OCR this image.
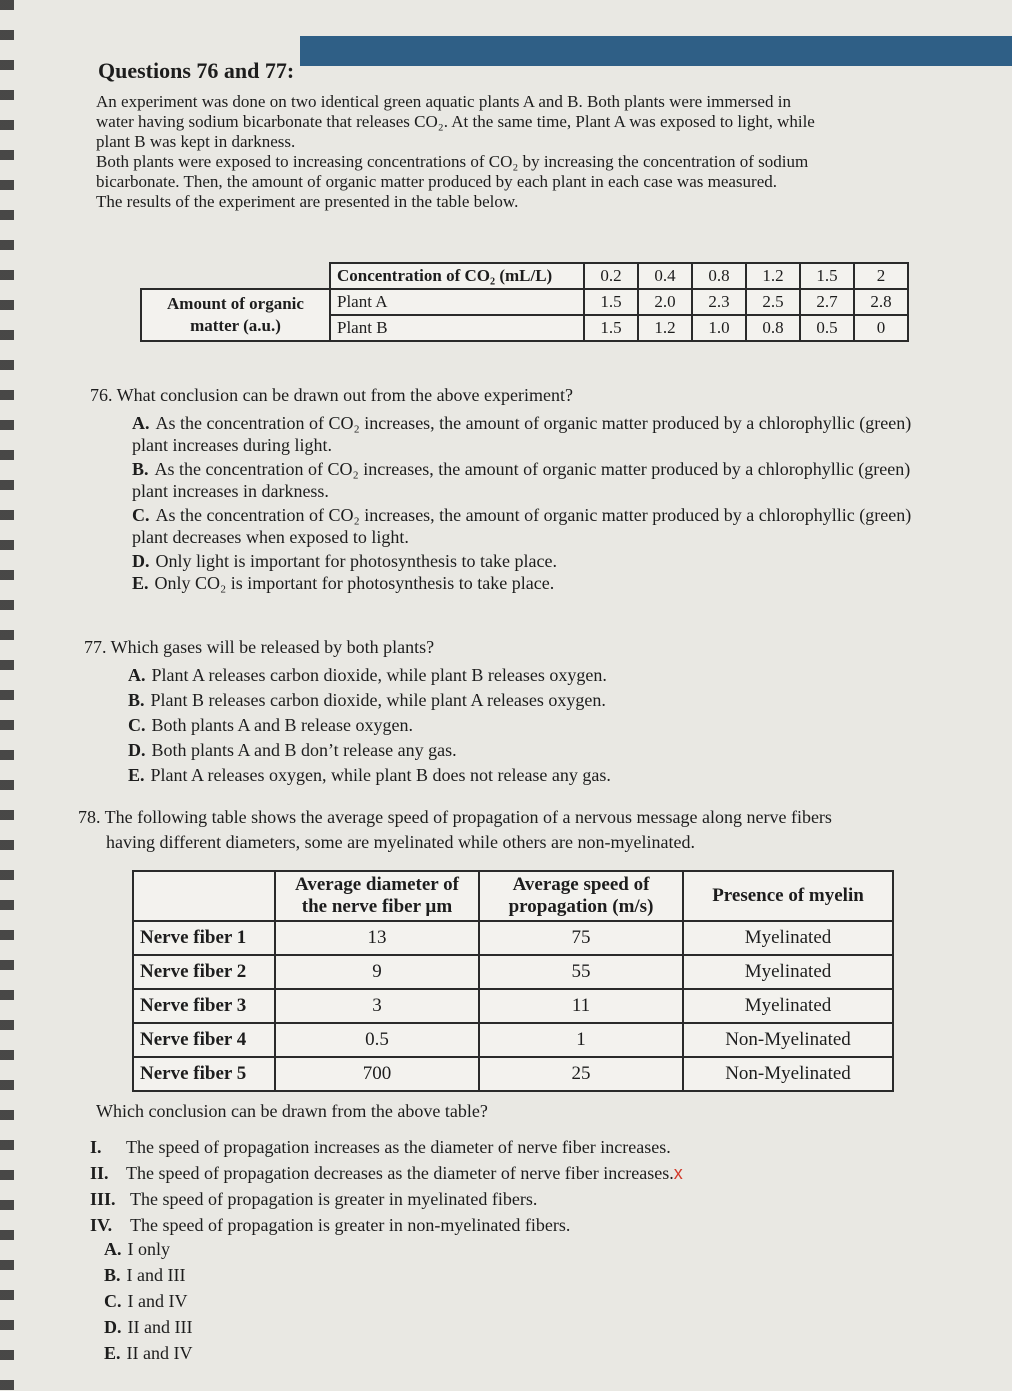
Questions 76 and 77:
An experiment was done on two identical green aquatic plants A and B. Both plants were immersed in
water having sodium bicarbonate that releases CO₂. At the same time, Plant A was exposed to light, while
plant B was kept in darkness.
Both plants were exposed to increasing concentrations of CO₂ by increasing the concentration of sodium
bicarbonate. Then, the amount of organic matter produced by each plant in each case was measured.
The results of the experiment are presented in the table below.
	Concentration of CO₂ (mL/L)	0.2	0.4	0.8	1.2	1.5	2
Amount of organic matter (a.u.)	Plant A	1.5	2.0	2.3	2.5	2.7	2.8
	Plant B	1.5	1.2	1.0	0.8	0.5	0
76. What conclusion can be drawn out from the above experiment?
A. As the concentration of CO₂ increases, the amount of organic matter produced by a chlorophyllic (green) plant increases during light.
B. As the concentration of CO₂ increases, the amount of organic matter produced by a chlorophyllic (green) plant increases in darkness.
C. As the concentration of CO₂ increases, the amount of organic matter produced by a chlorophyllic (green) plant decreases when exposed to light.
D. Only light is important for photosynthesis to take place.
E. Only CO₂ is important for photosynthesis to take place.
77. Which gases will be released by both plants?
A. Plant A releases carbon dioxide, while plant B releases oxygen.
B. Plant B releases carbon dioxide, while plant A releases oxygen.
C. Both plants A and B release oxygen.
D. Both plants A and B don’t release any gas.
E. Plant A releases oxygen, while plant B does not release any gas.
78. The following table shows the average speed of propagation of a nervous message along nerve fibers
having different diameters, some are myelinated while others are non-myelinated.
	Average diameter of the nerve fiber µm	Average speed of propagation (m/s)	Presence of myelin
Nerve fiber 1	13	75	Myelinated
Nerve fiber 2	9	55	Myelinated
Nerve fiber 3	3	11	Myelinated
Nerve fiber 4	0.5	1	Non-Myelinated
Nerve fiber 5	700	25	Non-Myelinated
Which conclusion can be drawn from the above table?
I. The speed of propagation increases as the diameter of nerve fiber increases.
II. The speed of propagation decreases as the diameter of nerve fiber increases.x
III. The speed of propagation is greater in myelinated fibers.
IV. The speed of propagation is greater in non-myelinated fibers.
A. I only
B. I and III
C. I and IV
D. II and III
E. II and IV
